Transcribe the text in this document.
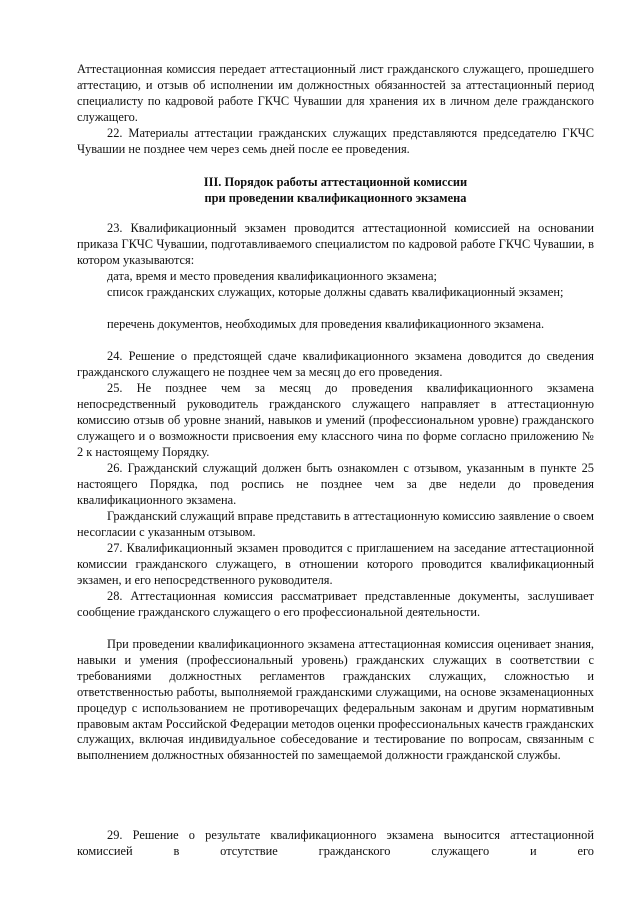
Аттестационная комиссия передает аттестационный лист гражданского служащего, прошедшего аттестацию, и отзыв об исполнении им должностных обязанностей за аттестационный период специалисту по кадровой работе ГКЧС Чувашии для хранения их в личном деле гражданского служащего.

22. Материалы аттестации гражданских служащих представляются председателю ГКЧС Чувашии не позднее чем через семь дней после ее проведения.

III. Порядок работы аттестационной комиссии

при проведении квалификационного экзамена

23. Квалификационный экзамен проводится аттестационной комиссией на основании приказа ГКЧС Чувашии, подготавливаемого специалистом по кадровой работе ГКЧС Чувашии, в котором указываются:

дата, время и место проведения квалификационного экзамена;

список гражданских служащих, которые должны сдавать квалификационный экзамен;

перечень документов, необходимых для проведения квалификационного экзамена.

24. Решение о предстоящей сдаче квалификационного экзамена доводится до сведения гражданского служащего не позднее чем за месяц до его проведения.

25. Не позднее чем за месяц до проведения квалификационного экзамена непосредственный руководитель гражданского служащего направляет в аттестационную комиссию отзыв об уровне знаний, навыков и умений (профессиональном уровне) гражданского служащего и о возможности присвоения ему классного чина по форме согласно приложению № 2 к настоящему Порядку.

26. Гражданский служащий должен быть ознакомлен с отзывом, указанным в пункте 25 настоящего Порядка, под роспись не позднее чем за две недели до проведения квалификационного экзамена.

Гражданский служащий вправе представить в аттестационную комиссию заявление о своем несогласии с указанным отзывом.

27. Квалификационный экзамен проводится с приглашением на заседание аттестационной комиссии гражданского служащего, в отношении которого проводится квалификационный экзамен, и его непосредственного руководителя.

28. Аттестационная комиссия рассматривает представленные документы, заслушивает сообщение гражданского служащего о его профессиональной деятельности.

При проведении квалификационного экзамена аттестационная комиссия оценивает знания, навыки и умения (профессиональный уровень) гражданских служащих в соответствии с требованиями должностных регламентов гражданских служащих, сложностью и ответственностью работы, выполняемой гражданскими служащими, на основе экзаменационных процедур с использованием не противоречащих федеральным законам и другим нормативным правовым актам Российской Федерации методов оценки профессиональных качеств гражданских служащих, включая индивидуальное собеседование и тестирование по вопросам, связанным с выполнением должностных обязанностей по замещаемой должности гражданской службы.

29. Решение о результате квалификационного экзамена выносится аттестационной комиссией в отсутствие гражданского служащего и его
